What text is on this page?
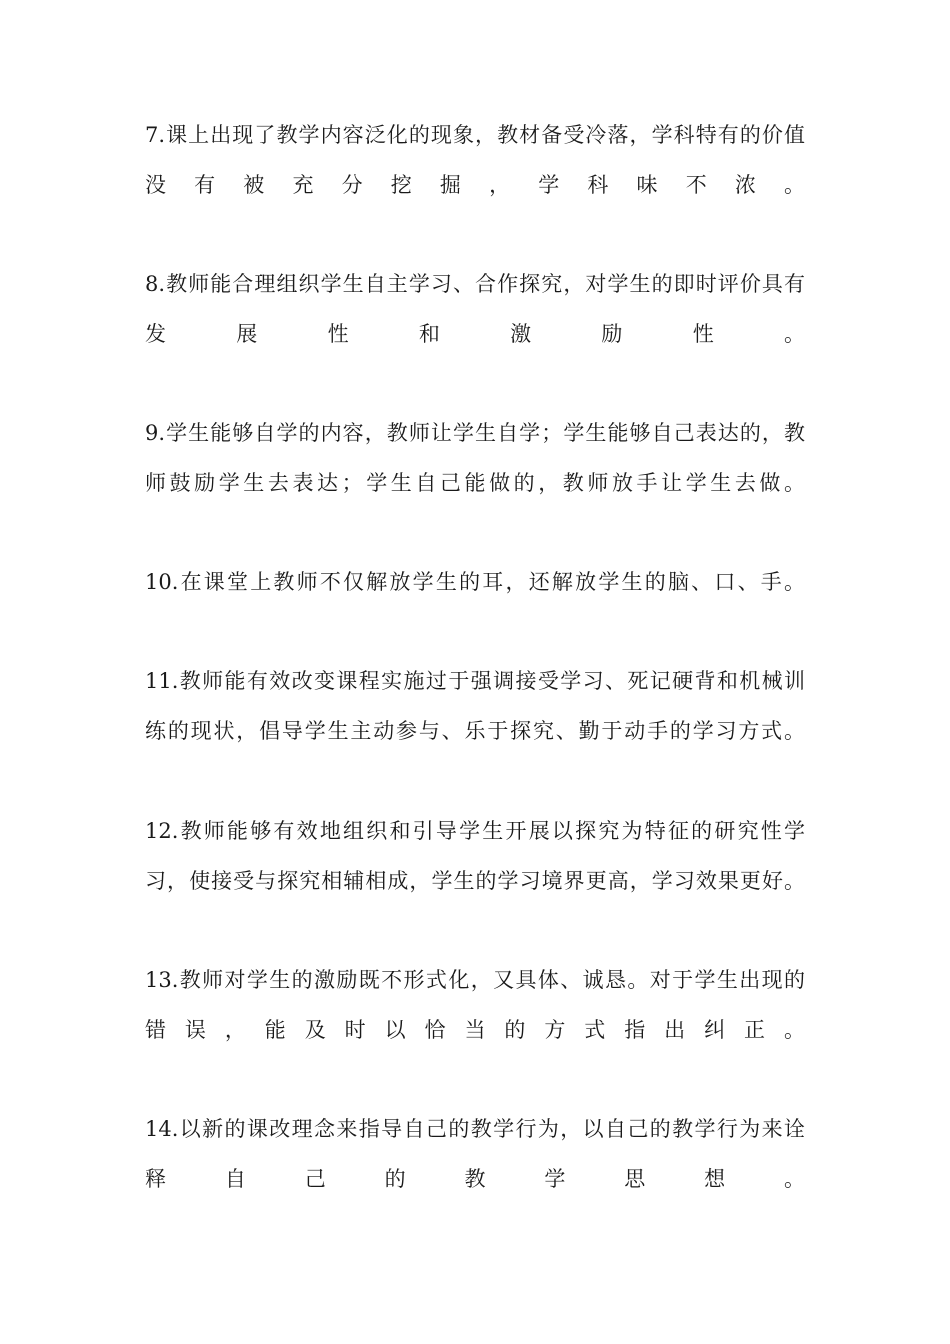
7.课上出现了教学内容泛化的现象，教材备受冷落，学科特有的价值
没有被充分挖掘，学科味不浓。
8.教师能合理组织学生自主学习、合作探究，对学生的即时评价具有
发展性和激励性。
9.学生能够自学的内容，教师让学生自学；学生能够自己表达的，教
师鼓励学生去表达；学生自己能做的，教师放手让学生去做。
10.在课堂上教师不仅解放学生的耳，还解放学生的脑、口、手。
11.教师能有效改变课程实施过于强调接受学习、死记硬背和机械训
练的现状，倡导学生主动参与、乐于探究、勤于动手的学习方式。
12.教师能够有效地组织和引导学生开展以探究为特征的研究性学
习，使接受与探究相辅相成，学生的学习境界更高，学习效果更好。
13.教师对学生的激励既不形式化，又具体、诚恳。对于学生出现的
错误，能及时以恰当的方式指出纠正。
14.以新的课改理念来指导自己的教学行为，以自己的教学行为来诠
释自己的教学思想。
